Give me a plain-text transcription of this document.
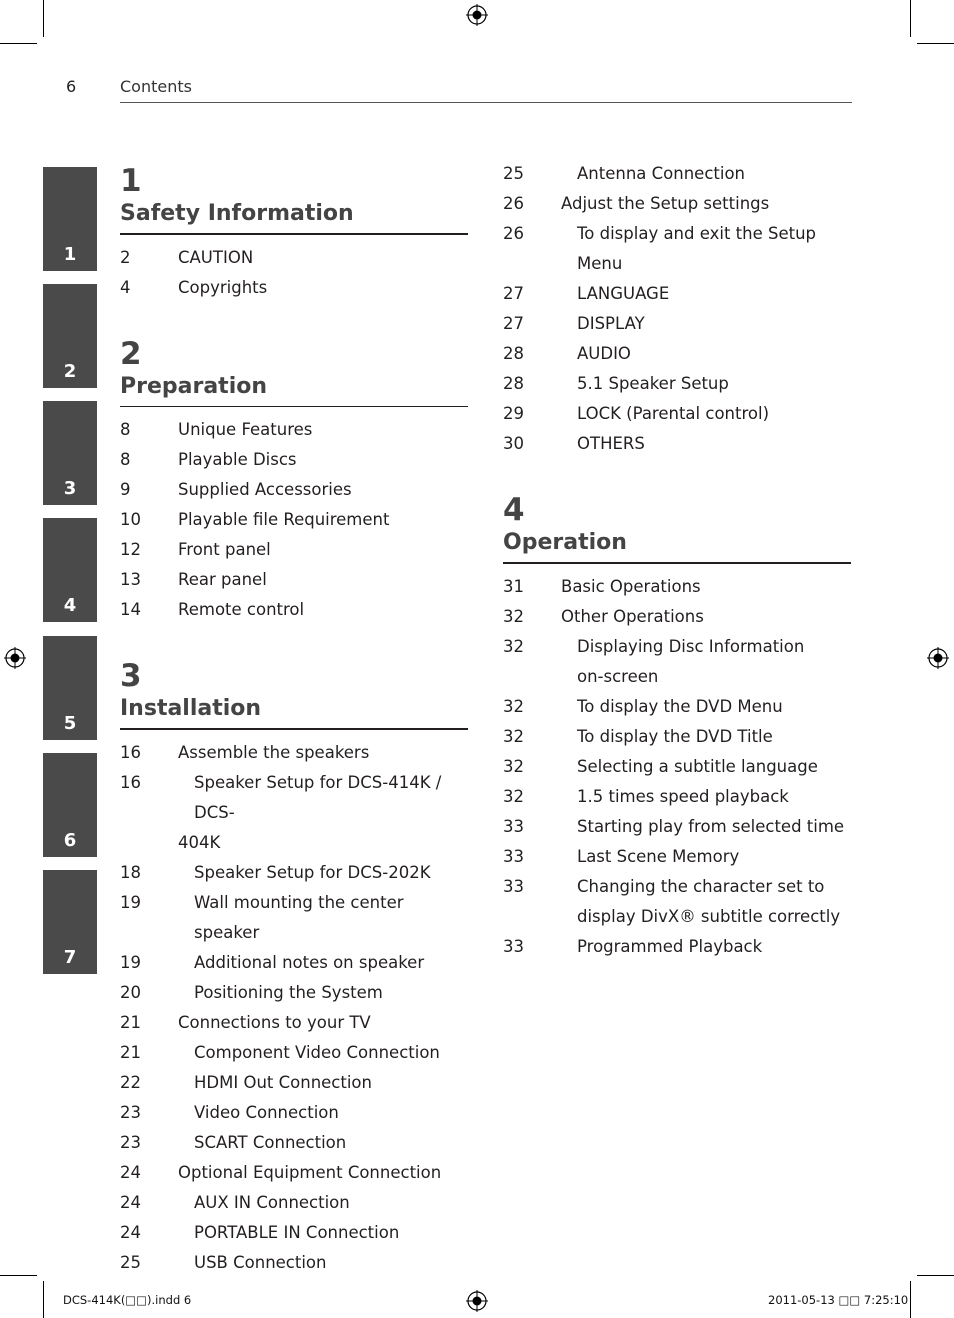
6	Contents
1
2
3
4
5
6
7
1
Safety Information
2	CAUTION
4	Copyrights
2
Preparation
8	Unique Features
8	Playable Discs
9	Supplied Accessories
10	Playable file Requirement
12	Front panel
13	Rear panel
14	Remote control
3
Installation
16	Assemble the speakers
16	Speaker Setup for DCS-414K / DCS-
404K
18	Speaker Setup for DCS-202K
19	Wall mounting the center speaker
19	Additional notes on speaker
20	Positioning the System
21	Connections to your TV
21	Component Video Connection
22	HDMI Out Connection
23	Video Connection
23	SCART Connection
24	Optional Equipment Connection
24	AUX IN Connection
24	PORTABLE IN Connection
25	USB Connection
25	Antenna Connection
26	Adjust the Setup settings
26	To display and exit the Setup Menu
27	LANGUAGE
27	DISPLAY
28	AUDIO
28	5.1 Speaker Setup
29	LOCK (Parental control)
30	OTHERS
4
Operation
31	Basic Operations
32	Other Operations
32	Displaying Disc Information
on-screen
32	To display the DVD Menu
32	To display the DVD Title
32	Selecting a subtitle language
32	1.5 times speed playback
33	Starting play from selected time
33	Last Scene Memory
33	Changing the character set to
display DivX® subtitle correctly
33	Programmed Playback
DCS-414K(□□).indd 6	2011-05-13 □□ 7:25:10
